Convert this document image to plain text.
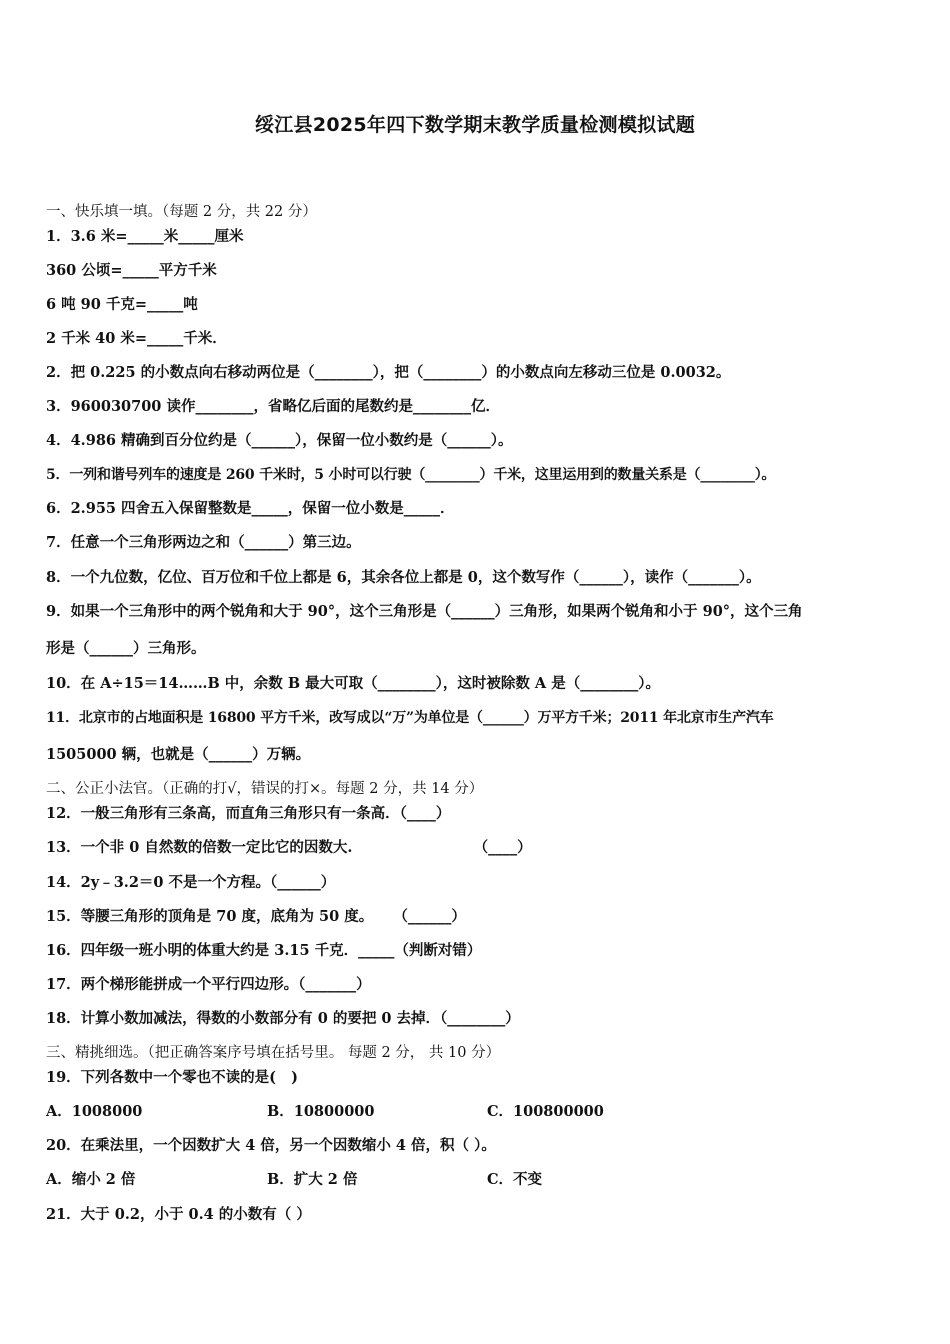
绥江县2025年四下数学期末教学质量检测模拟试题
一、快乐填一填。（每题 2 分，共 22 分）
1．3.6 米=_____米_____厘米
360 公顷=_____平方千米
6 吨 90 千克=_____吨
2 千米 40 米=_____千米．
2．把 0.225 的小数点向右移动两位是（________），把（________）的小数点向左移动三位是 0.0032。
3．960030700 读作________，省略亿后面的尾数约是________亿．
4．4.986 精确到百分位约是（______），保留一位小数约是（______）。
5．一列和谐号列车的速度是 260 千米时，5 小时可以行驶（________）千米，这里运用到的数量关系是（________）。
6．2.955 四舍五入保留整数是_____，保留一位小数是_____．
7．任意一个三角形两边之和（______）第三边。
8．一个九位数，亿位、百万位和千位上都是 6，其余各位上都是 0，这个数写作（______），读作（_______）。
9．如果一个三角形中的两个锐角和大于 90°，这个三角形是（______）三角形，如果两个锐角和小于 90°，这个三角
形是（______）三角形。
10．在 A÷15＝14……B 中，余数 B 最大可取（________），这时被除数 A 是（________）。
11．北京市的占地面积是 16800 平方千米，改写成以“万”为单位是（______）万平方千米；2011 年北京市生产汽车
1505000 辆，也就是（______）万辆。
二、公正小法官。（正确的打√，错误的打×。每题 2 分，共 14 分）
12．一般三角形有三条高，而直角三角形只有一条高．（____）
13．一个非 0 自然数的倍数一定比它的因数大.                        （____）
14．2y﹣3.2＝0 不是一个方程。（______）
15．等腰三角形的顶角是 70 度，底角为 50 度。    （______）
16．四年级一班小明的体重大约是 3.15 千克．_____（判断对错）
17．两个梯形能拼成一个平行四边形。（_______）
18．计算小数加减法，得数的小数部分有 0 的要把 0 去掉．（________）
三、精挑细选。（把正确答案序号填在括号里。 每题 2 分， 共 10 分）
19．下列各数中一个零也不读的是(   )
A．1008000	B．10800000	C．100800000
20．在乘法里，一个因数扩大 4 倍，另一个因数缩小 4 倍，积（ ）。
A．缩小 2 倍	B．扩大 2 倍	C．不变
21．大于 0.2，小于 0.4 的小数有（ ）
